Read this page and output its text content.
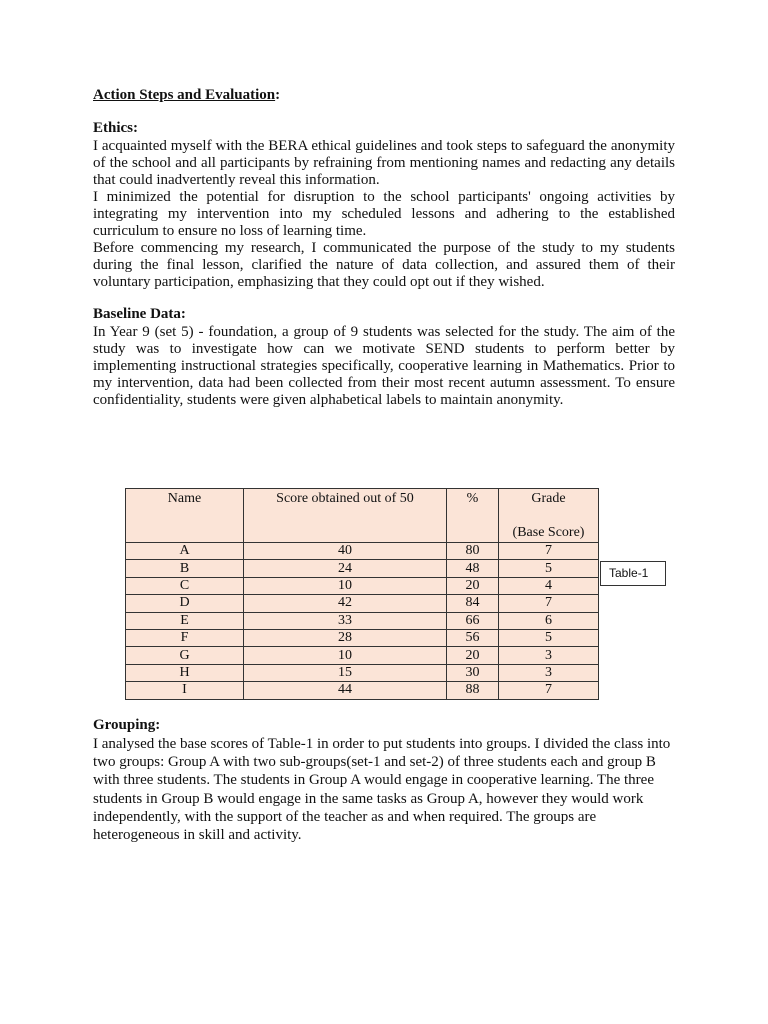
Action Steps and Evaluation:
Ethics:

I acquainted myself with the BERA ethical guidelines and took steps to safeguard the anonymity of the school and all participants by refraining from mentioning names and redacting any details that could inadvertently reveal this information.

I minimized the potential for disruption to the school participants' ongoing activities by integrating my intervention into my scheduled lessons and adhering to the established curriculum to ensure no loss of learning time.

Before commencing my research, I communicated the purpose of the study to my students during the final lesson, clarified the nature of data collection, and assured them of their voluntary participation, emphasizing that they could opt out if they wished.

Baseline Data:

In Year 9 (set 5) - foundation, a group of 9 students was selected for the study. The aim of the study was to investigate how can we motivate SEND students to perform better by implementing instructional strategies specifically, cooperative learning in Mathematics. Prior to my intervention, data had been collected from their most recent autumn assessment. To ensure confidentiality, students were given alphabetical labels to maintain anonymity.

Name	Score obtained out of 50	%	Grade
(Base Score)

A	40	80	7
B	24	48	5
C	10	20	4
D	42	84	7
E	33	66	6
F	28	56	5
G	10	20	3
H	15	30	3
I	44	88	7
Table-1
Grouping:

I analysed the base scores of Table-1 in order to put students into groups. I divided the class into two groups: Group A with two sub-groups(set-1 and set-2) of three students each and group B with three students. The students in Group A would engage in cooperative learning. The three students in Group B would engage in the same tasks as Group A, however they would work independently, with the support of the teacher as and when required. The groups are heterogeneous in skill and activity.
